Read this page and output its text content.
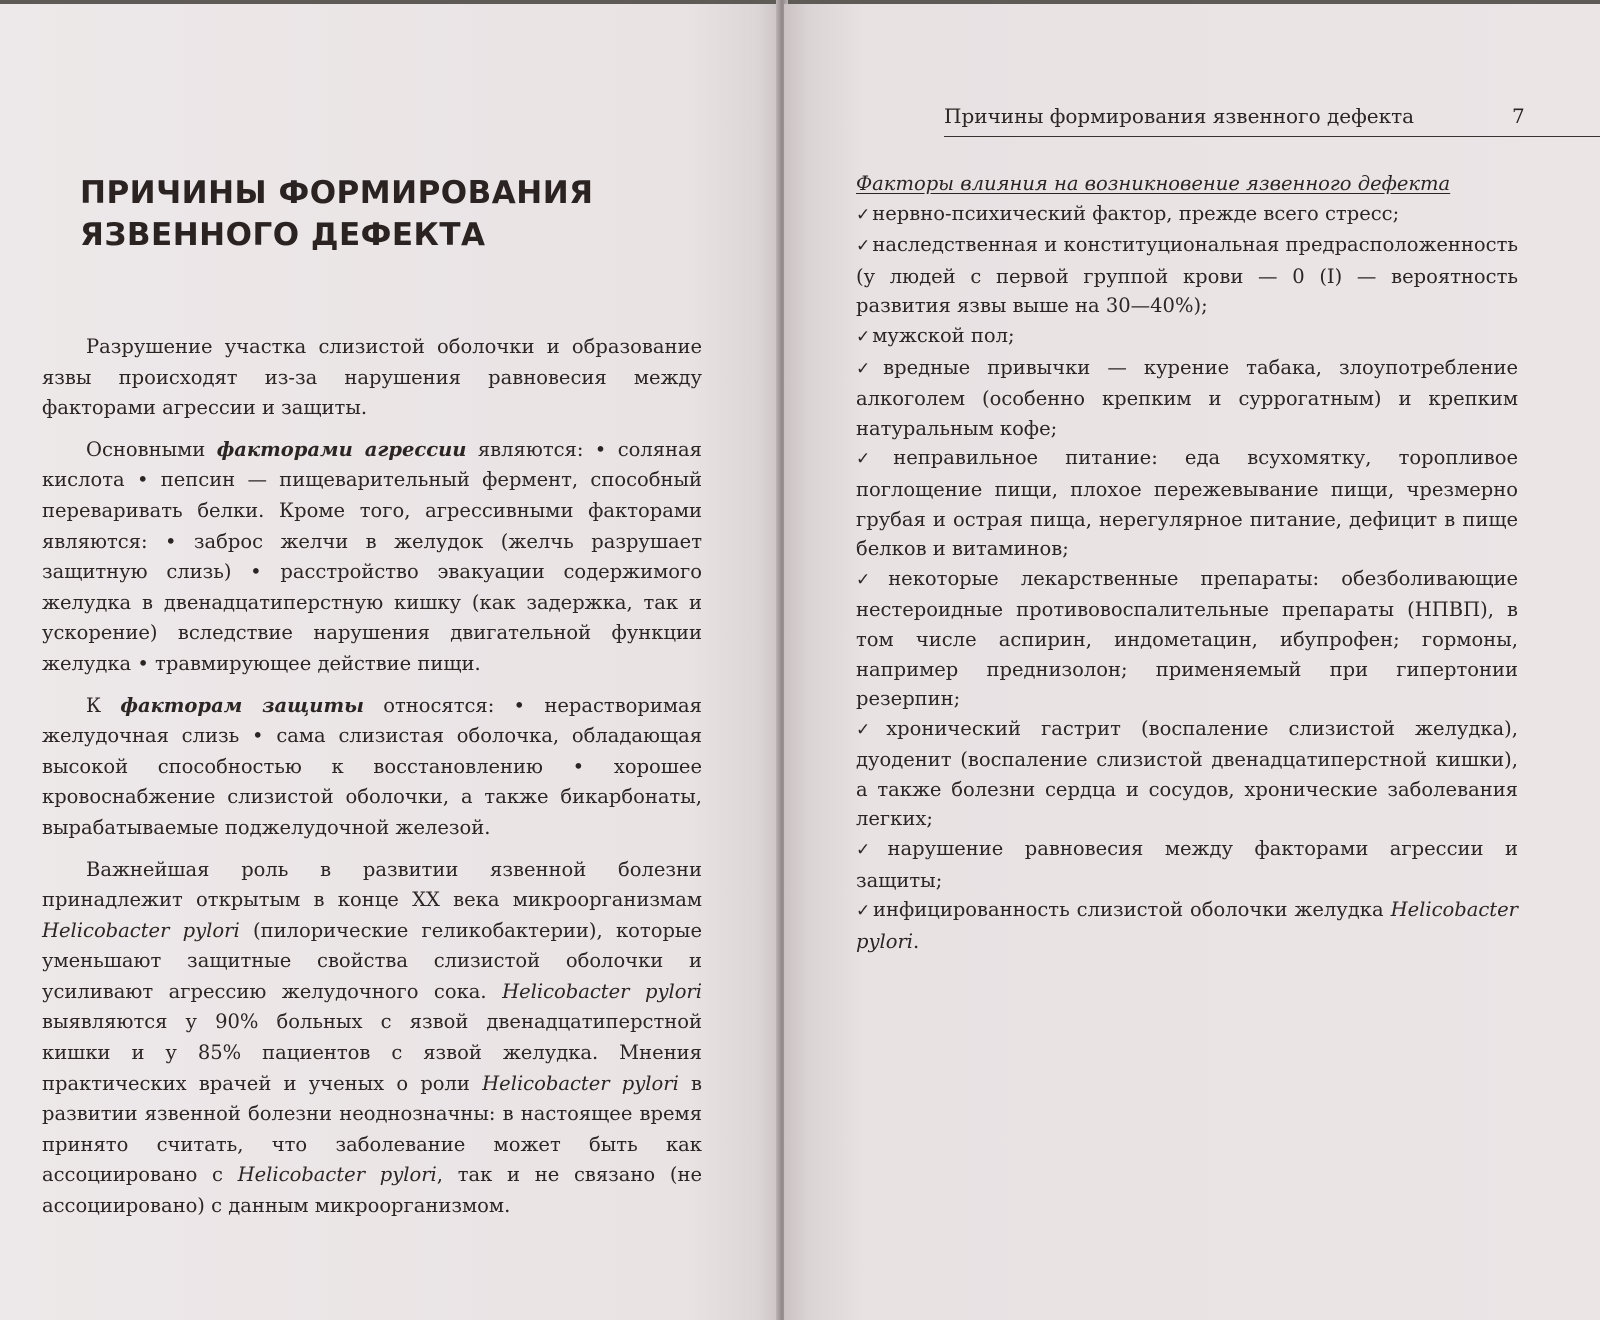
ПРИЧИНЫ ФОРМИРОВАНИЯ
ЯЗВЕННОГО ДЕФЕКТА

Разрушение участка слизистой оболочки и образование язвы происходят из-за нарушения равновесия между факторами агрессии и защиты.

Основными факторами агрессии являются: • соляная кислота • пепсин — пищеварительный фермент, способный переваривать белки. Кроме того, агрессивными факторами являются: • заброс желчи в желудок (желчь разрушает защитную слизь) • расстройство эвакуации содержимого желудка в двенадцатиперстную кишку (как задержка, так и ускорение) вследствие нарушения двигательной функции желудка • травмирующее действие пищи.

К факторам защиты относятся: • нерастворимая желудочная слизь • сама слизистая оболочка, обладающая высокой способностью к восстановлению • хорошее кровоснабжение слизистой оболочки, а также бикарбонаты, вырабатываемые поджелудочной железой.

Важнейшая роль в развитии язвенной болезни принадлежит открытым в конце XX века микроорганизмам Helicobacter pylori (пилорические геликобактерии), которые уменьшают защитные свойства слизистой оболочки и усиливают агрессию желудочного сока. Helicobacter pylori выявляются у 90% больных с язвой двенадцатиперстной кишки и у 85% пациентов с язвой желудка. Мнения практических врачей и ученых о роли Helicobacter pylori в развитии язвенной болезни неоднозначны: в настоящее время принято считать, что заболевание может быть как ассоциировано с Helicobacter pylori, так и не связано (не ассоциировано) с данным микроорганизмом.

Причины формирования язвенного дефекта	7
Факторы влияния на возникновение язвенного дефекта
✓ нервно-психический фактор, прежде всего стресс;
✓ наследственная и конституциональная предрасположенность (у людей с первой группой крови — 0 (I) — вероятность развития язвы выше на 30—40%);
✓ мужской пол;
✓ вредные привычки — курение табака, злоупотребление алкоголем (особенно крепким и суррогатным) и крепким натуральным кофе;
✓ неправильное питание: еда всухомятку, торопливое поглощение пищи, плохое пережевывание пищи, чрезмерно грубая и острая пища, нерегулярное питание, дефицит в пище белков и витаминов;
✓ некоторые лекарственные препараты: обезболивающие нестероидные противовоспалительные препараты (НПВП), в том числе аспирин, индометацин, ибупрофен; гормоны, например преднизолон; применяемый при гипертонии резерпин;
✓ хронический гастрит (воспаление слизистой желудка), дуоденит (воспаление слизистой двенадцатиперстной кишки), а также болезни сердца и сосудов, хронические заболевания легких;
✓ нарушение равновесия между факторами агрессии и защиты;
✓ инфицированность слизистой оболочки желудка Helicobacter pylori.
